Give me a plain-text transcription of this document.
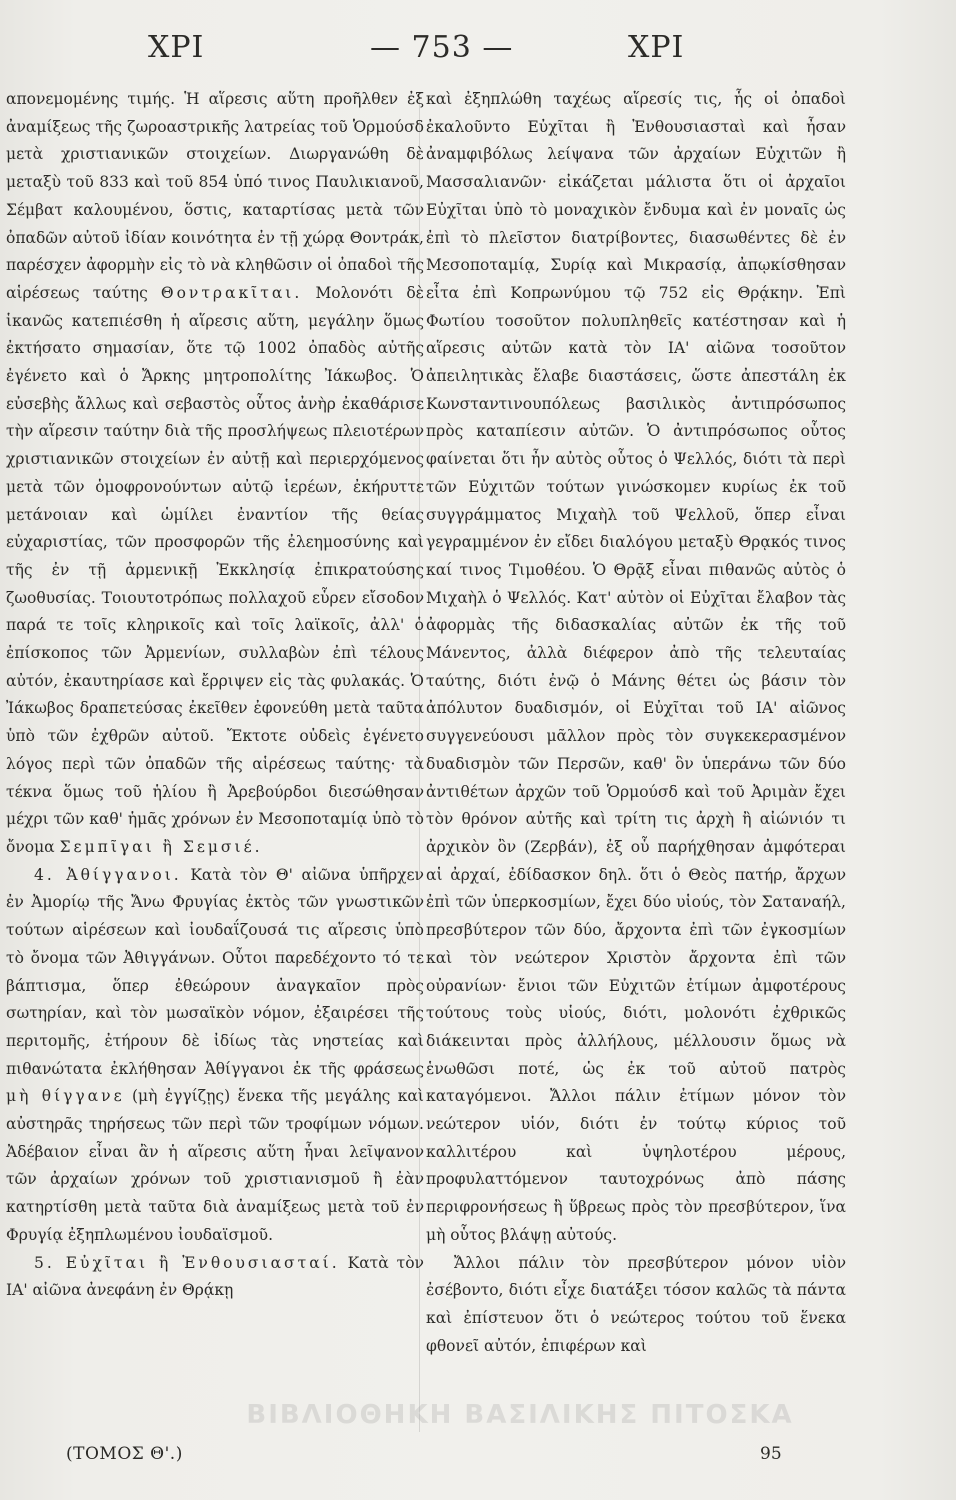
ΧΡΙ	— 753 —	ΧΡΙ

απονεμομένης τιμής. Ἡ αἵρεσις αὕτη προῆλθεν ἐξ ἀναμίξεως τῆς ζωροαστρικῆς λατρείας τοῦ Ὁρμούσδ μετὰ χριστιανικῶν στοιχείων. Διωργανώθη δὲ μεταξὺ τοῦ 833 καὶ τοῦ 854 ὑπό τινος Παυλικιανοῦ, Σέμβατ καλουμένου, ὅστις, καταρτίσας μετὰ τῶν ὀπαδῶν αὐτοῦ ἰδίαν κοινότητα ἐν τῇ χώρᾳ Θοντράκ, παρέσχεν ἀφορμὴν εἰς τὸ νὰ κληθῶσιν οἱ ὀπαδοὶ τῆς αἱρέσεως ταύτης Θοντρακῖται. Μολονότι δὲ ἱκανῶς κατεπιέσθη ἡ αἵρεσις αὕτη, μεγάλην ὅμως ἐκτήσατο σημασίαν, ὅτε τῷ 1002 ὀπαδὸς αὐτῆς ἐγένετο καὶ ὁ Ἄρκης μητροπολίτης Ἰάκωβος. Ὁ εὐσεβὴς ἄλλως καὶ σεβαστὸς οὗτος ἀνὴρ ἐκαθάρισε τὴν αἵρεσιν ταύτην διὰ τῆς προσλήψεως πλειοτέρων χριστιανικῶν στοιχείων ἐν αὐτῇ καὶ περιερχόμενος μετὰ τῶν ὁμοφρονούντων αὐτῷ ἱερέων, ἐκήρυττε μετάνοιαν καὶ ὡμίλει ἐναντίον τῆς θείας εὐχαριστίας, τῶν προσφορῶν τῆς ἐλεημοσύνης καὶ τῆς ἐν τῇ ἀρμενικῇ Ἐκκλησίᾳ ἐπικρατούσης ζωοθυσίας. Τοιουτοτρόπως πολλαχοῦ εὗρεν εἴσοδον παρά τε τοῖς κληρικοῖς καὶ τοῖς λαϊκοῖς, ἀλλ' ὁ ἐπίσκοπος τῶν Ἀρμενίων, συλλαβὼν ἐπὶ τέλους αὐτόν, ἐκαυτηρίασε καὶ ἔρριψεν εἰς τὰς φυλακάς. Ὁ Ἰάκωβος δραπετεύσας ἐκεῖθεν ἐφονεύθη μετὰ ταῦτα ὑπὸ τῶν ἐχθρῶν αὐτοῦ. Ἔκτοτε οὐδεὶς ἐγένετο λόγος περὶ τῶν ὀπαδῶν τῆς αἱρέσεως ταύτης· τὰ τέκνα ὅμως τοῦ ἡλίου ἢ Ἀρεβούρδοι διεσώθησαν μέχρι τῶν καθ' ἡμᾶς χρόνων ἐν Μεσοποταμίᾳ ὑπὸ τὸ ὄνομα Σεμπῖγαι ἢ Σεμσιέ.

4. Ἀθίγγανοι. Κατὰ τὸν Θ' αἰῶνα ὑπῆρχεν ἐν Ἀμορίῳ τῆς Ἄνω Φρυγίας ἐκτὸς τῶν γνωστικῶν τούτων αἱρέσεων καὶ ἰουδαΐζουσά τις αἵρεσις ὑπὸ τὸ ὄνομα τῶν Ἀθιγγάνων. Οὗτοι παρεδέχοντο τό τε βάπτισμα, ὅπερ ἐθεώρουν ἀναγκαῖον πρὸς σωτηρίαν, καὶ τὸν μωσαϊκὸν νόμον, ἐξαιρέσει τῆς περιτομῆς, ἐτήρουν δὲ ἰδίως τὰς νηστείας καὶ πιθανώτατα ἐκλήθησαν Ἀθίγγανοι ἐκ τῆς φράσεως μὴ θίγγανε (μὴ ἐγγίζῃς) ἕνεκα τῆς μεγάλης καὶ αὐστηρᾶς τηρήσεως τῶν περὶ τῶν τροφίμων νόμων. Ἀδέβαιον εἶναι ἂν ἡ αἵρεσις αὕτη ἦναι λεῖψανον τῶν ἀρχαίων χρόνων τοῦ χριστιανισμοῦ ἢ ἐὰν κατηρτίσθη μετὰ ταῦτα διὰ ἀναμίξεως μετὰ τοῦ ἐν Φρυγίᾳ ἐξηπλωμένου ἰουδαϊσμοῦ.

5. Εὐχῖται ἢ Ἐνθουσιασταί. Κατὰ τὸν ΙΑ' αἰῶνα ἀνεφάνη ἐν Θρᾴκῃ

καὶ ἐξηπλώθη ταχέως αἵρεσίς τις, ἧς οἱ ὀπαδοὶ ἐκαλοῦντο Εὐχῖται ἢ Ἐνθουσιασταὶ καὶ ἦσαν ἀναμφιβόλως λείψανα τῶν ἀρχαίων Εὐχιτῶν ἢ Μασσαλιανῶν· εἰκάζεται μάλιστα ὅτι οἱ ἀρχαῖοι Εὐχῖται ὑπὸ τὸ μοναχικὸν ἔνδυμα καὶ ἐν μοναῖς ὡς ἐπὶ τὸ πλεῖστον διατρίβοντες, διασωθέντες δὲ ἐν Μεσοποταμίᾳ, Συρίᾳ καὶ Μικρασίᾳ, ἀπῳκίσθησαν εἶτα ἐπὶ Κοπρωνύμου τῷ 752 εἰς Θρᾴκην. Ἐπὶ Φωτίου τοσοῦτον πολυπληθεῖς κατέστησαν καὶ ἡ αἵρεσις αὐτῶν κατὰ τὸν ΙΑ' αἰῶνα τοσοῦτον ἀπειλητικὰς ἔλαβε διαστάσεις, ὥστε ἀπεστάλη ἐκ Κωνσταντινουπόλεως βασιλικὸς ἀντιπρόσωπος πρὸς καταπίεσιν αὐτῶν. Ὁ ἀντιπρόσωπος οὗτος φαίνεται ὅτι ἦν αὐτὸς οὗτος ὁ Ψελλός, διότι τὰ περὶ τῶν Εὐχιτῶν τούτων γινώσκομεν κυρίως ἐκ τοῦ συγγράμματος Μιχαὴλ τοῦ Ψελλοῦ, ὅπερ εἶναι γεγραμμένον ἐν εἴδει διαλόγου μεταξὺ Θρᾳκός τινος καί τινος Τιμοθέου. Ὁ Θρᾷξ εἶναι πιθανῶς αὐτὸς ὁ Μιχαὴλ ὁ Ψελλός. Κατ' αὐτὸν οἱ Εὐχῖται ἔλαβον τὰς ἀφορμὰς τῆς διδασκαλίας αὐτῶν ἐκ τῆς τοῦ Μάνεντος, ἀλλὰ διέφερον ἀπὸ τῆς τελευταίας ταύτης, διότι ἐνῷ ὁ Μάνης θέτει ὡς βάσιν τὸν ἀπόλυτον δυαδισμόν, οἱ Εὐχῖται τοῦ ΙΑ' αἰῶνος συγγενεύουσι μᾶλλον πρὸς τὸν συγκεκερασμένον δυαδισμὸν τῶν Περσῶν, καθ' ὃν ὑπεράνω τῶν δύο ἀντιθέτων ἀρχῶν τοῦ Ὁρμούσδ καὶ τοῦ Ἀριμὰν ἔχει τὸν θρόνον αὐτῆς καὶ τρίτη τις ἀρχὴ ἢ αἰώνιόν τι ἀρχικὸν ὂν (Ζερβάν), ἐξ οὗ παρήχθησαν ἀμφότεραι αἱ ἀρχαί, ἐδίδασκον δηλ. ὅτι ὁ Θεὸς πατήρ, ἄρχων ἐπὶ τῶν ὑπερκοσμίων, ἔχει δύο υἱούς, τὸν Σαταναήλ, πρεσβύτερον τῶν δύο, ἄρχοντα ἐπὶ τῶν ἐγκοσμίων καὶ τὸν νεώτερον Χριστὸν ἄρχοντα ἐπὶ τῶν οὐρανίων· ἔνιοι τῶν Εὐχιτῶν ἐτίμων ἀμφοτέρους τούτους τοὺς υἱούς, διότι, μολονότι ἐχθρικῶς διάκεινται πρὸς ἀλλήλους, μέλλουσιν ὅμως νὰ ἑνωθῶσι ποτέ, ὡς ἐκ τοῦ αὐτοῦ πατρὸς καταγόμενοι. Ἄλλοι πάλιν ἐτίμων μόνον τὸν νεώτερον υἱόν, διότι ἐν τούτῳ κύριος τοῦ καλλιτέρου καὶ ὑψηλοτέρου μέρους, προφυλαττόμενον ταυτοχρόνως ἀπὸ πάσης περιφρονήσεως ἢ ὕβρεως πρὸς τὸν πρεσβύτερον, ἵνα μὴ οὗτος βλάψῃ αὐτούς.

Ἄλλοι πάλιν τὸν πρεσβύτερον μόνον υἱὸν ἐσέβοντο, διότι εἶχε διατάξει τόσον καλῶς τὰ πάντα καὶ ἐπίστευον ὅτι ὁ νεώτερος τούτου τοῦ ἕνεκα φθονεῖ αὐτόν, ἐπιφέρων καὶ

ΒΙΒΛΙΟΘΗΚΗ ΒΑΣΙΛΙΚΗΣ ΠΙΤΟΣΚΑ
(ΤΟΜΟΣ Θ'.)	95
